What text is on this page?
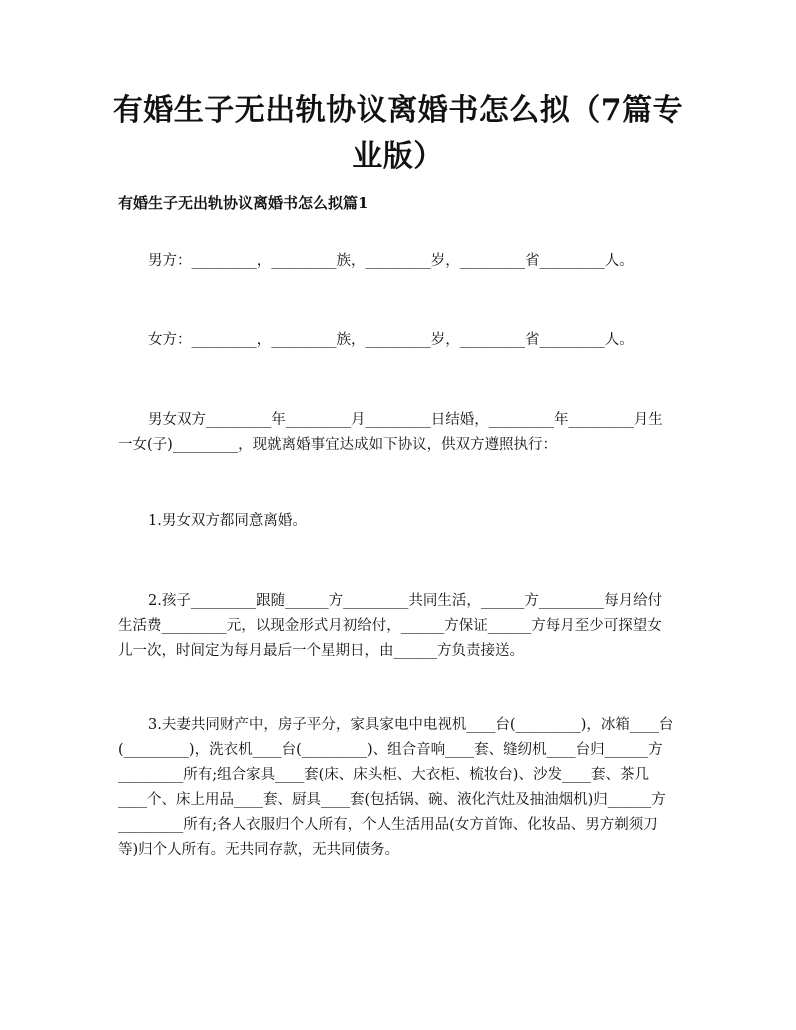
有婚生子无出轨协议离婚书怎么拟（7篇专业版）
有婚生子无出轨协议离婚书怎么拟篇1
男方：_________，_________族，_________岁，_________省_________人。
女方：_________，_________族，_________岁，_________省_________人。
男女双方_________年_________月_________日结婚，_________年_________月生一女(子)_________，现就离婚事宜达成如下协议，供双方遵照执行：
1.男女双方都同意离婚。
2.孩子_________跟随______方_________共同生活，______方_________每月给付生活费_________元，以现金形式月初给付，______方保证______方每月至少可探望女儿一次，时间定为每月最后一个星期日，由______方负责接送。
3.夫妻共同财产中，房子平分，家具家电中电视机____台(_________)，冰箱____台(_________)，洗衣机____台(_________)、组合音响____套、缝纫机____台归______方_________所有;组合家具____套(床、床头柜、大衣柜、梳妆台)、沙发____套、茶几____个、床上用品____套、厨具____套(包括锅、碗、液化汽灶及抽油烟机)归______方_________所有;各人衣服归个人所有，个人生活用品(女方首饰、化妆品、男方剃须刀等)归个人所有。无共同存款，无共同债务。
